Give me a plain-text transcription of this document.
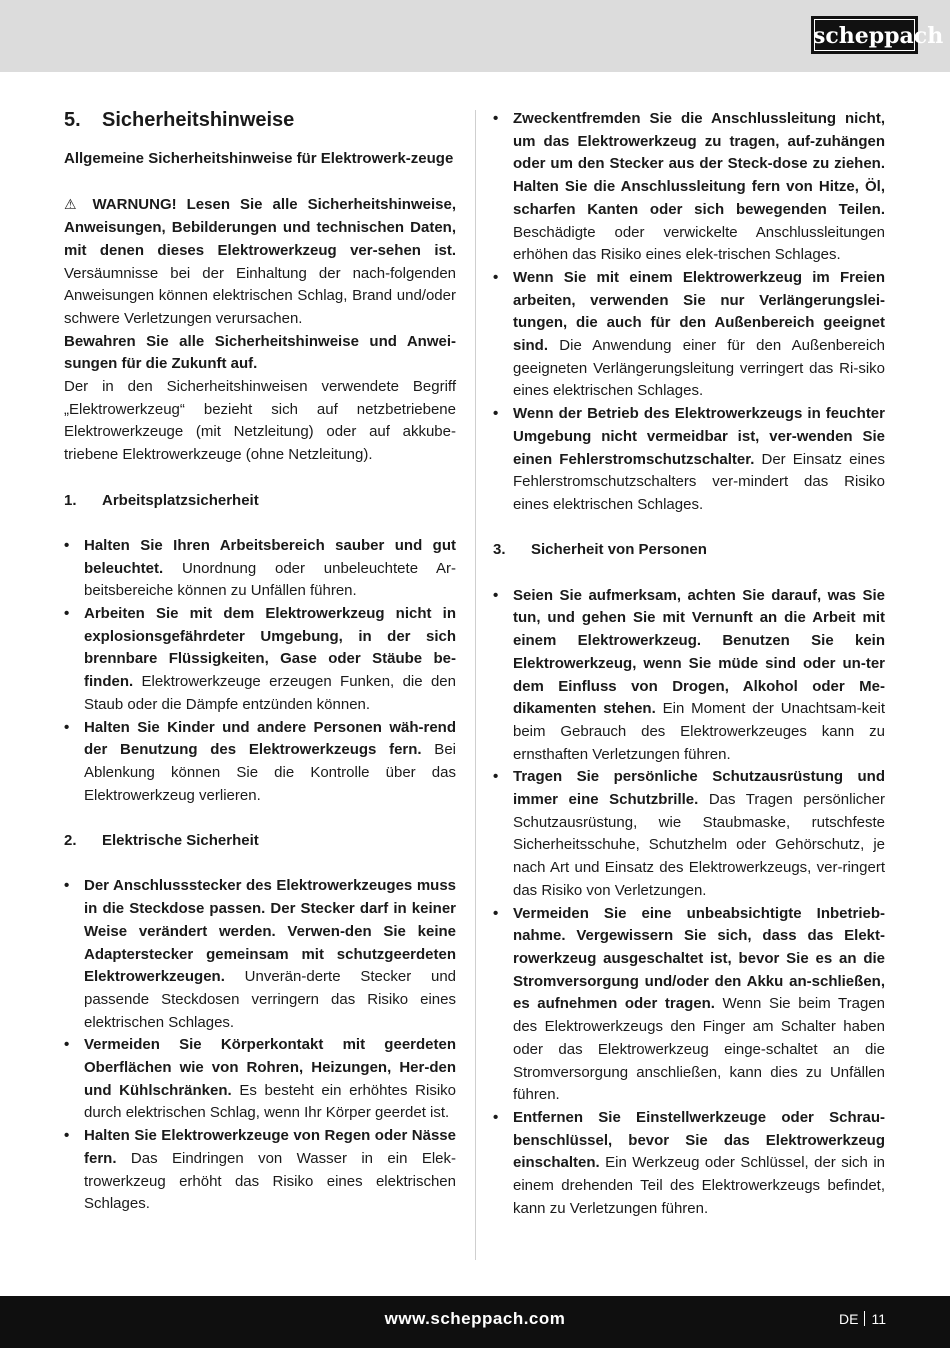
scheppach
5.	Sicherheitshinweise

Allgemeine Sicherheitshinweise für Elektrowerk-zeuge

⚠ WARNUNG! Lesen Sie alle Sicherheitshinweise, Anweisungen, Bebilderungen und technischen Daten, mit denen dieses Elektrowerkzeug ver-sehen ist. Versäumnisse bei der Einhaltung der nach-folgenden Anweisungen können elektrischen Schlag, Brand und/oder schwere Verletzungen verursachen.

Bewahren Sie alle Sicherheitshinweise und Anwei-sungen für die Zukunft auf.

Der in den Sicherheitshinweisen verwendete Begriff „Elektrowerkzeug“ bezieht sich auf netzbetriebene Elektrowerkzeuge (mit Netzleitung) oder auf akkube-triebene Elektrowerkzeuge (ohne Netzleitung).

1.	Arbeitsplatzsicherheit

• Halten Sie Ihren Arbeitsbereich sauber und gut beleuchtet. Unordnung oder unbeleuchtete Ar-beitsbereiche können zu Unfällen führen.
• Arbeiten Sie mit dem Elektrowerkzeug nicht in explosionsgefährdeter Umgebung, in der sich brennbare Flüssigkeiten, Gase oder Stäube be-finden. Elektrowerkzeuge erzeugen Funken, die den Staub oder die Dämpfe entzünden können.
• Halten Sie Kinder und andere Personen wäh-rend der Benutzung des Elektrowerkzeugs fern. Bei Ablenkung können Sie die Kontrolle über das Elektrowerkzeug verlieren.

2.	Elektrische Sicherheit

• Der Anschlussstecker des Elektrowerkzeuges muss in die Steckdose passen. Der Stecker darf in keiner Weise verändert werden. Verwen-den Sie keine Adapterstecker gemeinsam mit schutzgeerdeten Elektrowerkzeugen. Unverän-derte Stecker und passende Steckdosen verringern das Risiko eines elektrischen Schlages.
• Vermeiden Sie Körperkontakt mit geerdeten Oberflächen wie von Rohren, Heizungen, Her-den und Kühlschränken. Es besteht ein erhöhtes Risiko durch elektrischen Schlag, wenn Ihr Körper geerdet ist.
• Halten Sie Elektrowerkzeuge von Regen oder Nässe fern. Das Eindringen von Wasser in ein Elek-trowerkzeug erhöht das Risiko eines elektrischen Schlages.
• Zweckentfremden Sie die Anschlussleitung nicht, um das Elektrowerkzeug zu tragen, auf-zuhängen oder um den Stecker aus der Steck-dose zu ziehen. Halten Sie die Anschlussleitung fern von Hitze, Öl, scharfen Kanten oder sich bewegenden Teilen. Beschädigte oder verwickelte Anschlussleitungen erhöhen das Risiko eines elek-trischen Schlages.
• Wenn Sie mit einem Elektrowerkzeug im Freien arbeiten, verwenden Sie nur Verlängerungslei-tungen, die auch für den Außenbereich geeignet sind. Die Anwendung einer für den Außenbereich geeigneten Verlängerungsleitung verringert das Ri-siko eines elektrischen Schlages.
• Wenn der Betrieb des Elektrowerkzeugs in feuchter Umgebung nicht vermeidbar ist, ver-wenden Sie einen Fehlerstromschutzschalter. Der Einsatz eines Fehlerstromschutzschalters ver-mindert das Risiko eines elektrischen Schlages.

3.	Sicherheit von Personen

• Seien Sie aufmerksam, achten Sie darauf, was Sie tun, und gehen Sie mit Vernunft an die Arbeit mit einem Elektrowerkzeug. Benutzen Sie kein Elektrowerkzeug, wenn Sie müde sind oder un-ter dem Einfluss von Drogen, Alkohol oder Me-dikamenten stehen. Ein Moment der Unachtsam-keit beim Gebrauch des Elektrowerkzeuges kann zu ernsthaften Verletzungen führen.
• Tragen Sie persönliche Schutzausrüstung und immer eine Schutzbrille. Das Tragen persönlicher Schutzausrüstung, wie Staubmaske, rutschfeste Sicherheitsschuhe, Schutzhelm oder Gehörschutz, je nach Art und Einsatz des Elektrowerkzeugs, ver-ringert das Risiko von Verletzungen.
• Vermeiden Sie eine unbeabsichtigte Inbetrieb-nahme. Vergewissern Sie sich, dass das Elekt-rowerkzeug ausgeschaltet ist, bevor Sie es an die Stromversorgung und/oder den Akku an-schließen, es aufnehmen oder tragen. Wenn Sie beim Tragen des Elektrowerkzeugs den Finger am Schalter haben oder das Elektrowerkzeug einge-schaltet an die Stromversorgung anschließen, kann dies zu Unfällen führen.
• Entfernen Sie Einstellwerkzeuge oder Schrau-benschlüssel, bevor Sie das Elektrowerkzeug einschalten. Ein Werkzeug oder Schlüssel, der sich in einem drehenden Teil des Elektrowerkzeugs befindet, kann zu Verletzungen führen.
www.scheppach.com	DE 11
